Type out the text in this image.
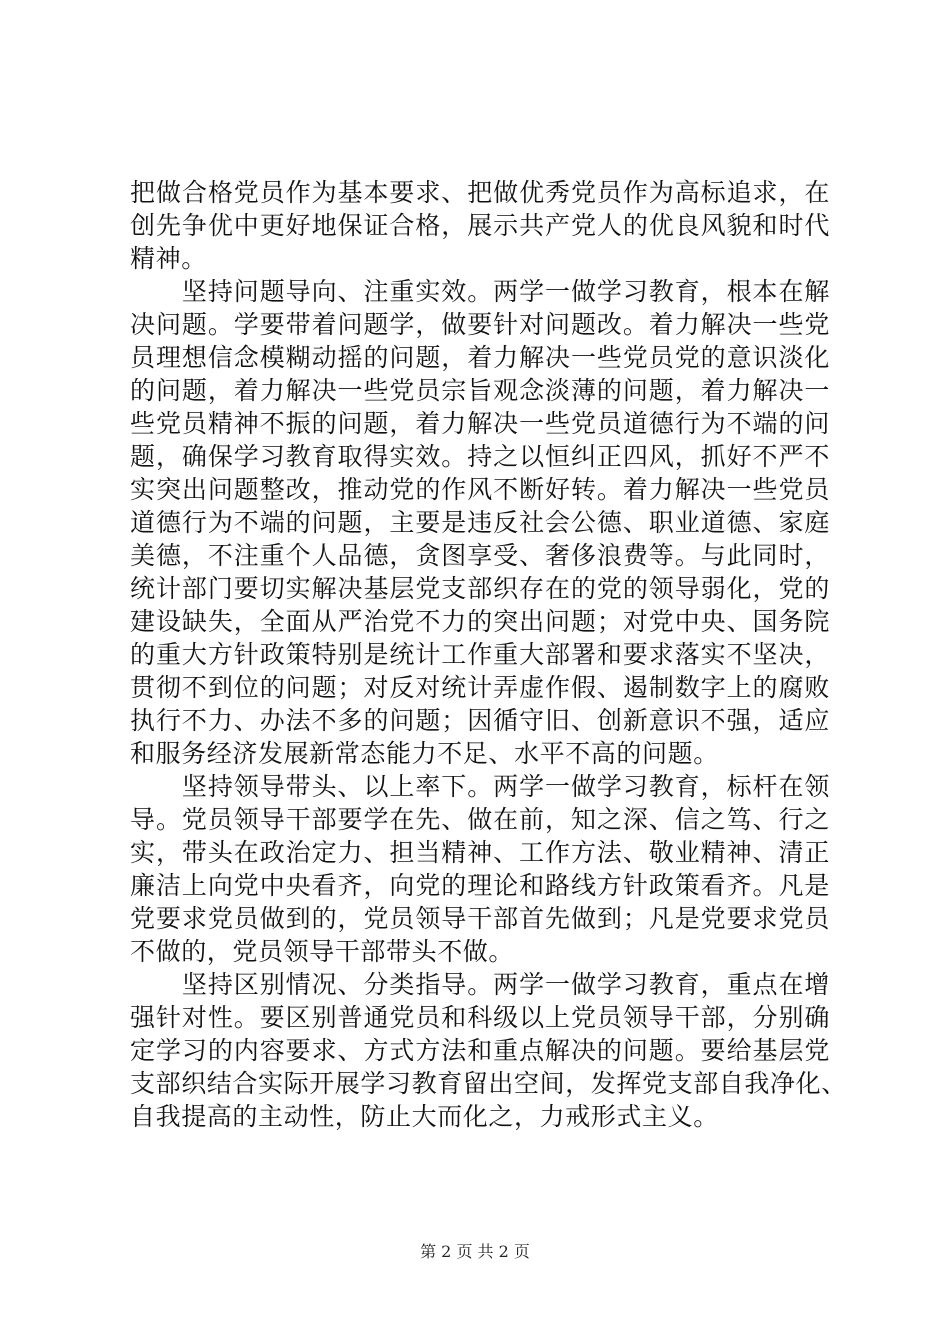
把做合格党员作为基本要求、把做优秀党员作为高标追求，在
创先争优中更好地保证合格，展示共产党人的优良风貌和时代
精神。
　　坚持问题导向、注重实效。两学一做学习教育，根本在解
决问题。学要带着问题学，做要针对问题改。着力解决一些党
员理想信念模糊动摇的问题，着力解决一些党员党的意识淡化
的问题，着力解决一些党员宗旨观念淡薄的问题，着力解决一
些党员精神不振的问题，着力解决一些党员道德行为不端的问
题，确保学习教育取得实效。持之以恒纠正四风，抓好不严不
实突出问题整改，推动党的作风不断好转。着力解决一些党员
道德行为不端的问题，主要是违反社会公德、职业道德、家庭
美德，不注重个人品德，贪图享受、奢侈浪费等。与此同时，
统计部门要切实解决基层党支部织存在的党的领导弱化，党的
建设缺失，全面从严治党不力的突出问题；对党中央、国务院
的重大方针政策特别是统计工作重大部署和要求落实不坚决，
贯彻不到位的问题；对反对统计弄虚作假、遏制数字上的腐败
执行不力、办法不多的问题；因循守旧、创新意识不强，适应
和服务经济发展新常态能力不足、水平不高的问题。
　　坚持领导带头、以上率下。两学一做学习教育，标杆在领
导。党员领导干部要学在先、做在前，知之深、信之笃、行之
实，带头在政治定力、担当精神、工作方法、敬业精神、清正
廉洁上向党中央看齐，向党的理论和路线方针政策看齐。凡是
党要求党员做到的，党员领导干部首先做到；凡是党要求党员
不做的，党员领导干部带头不做。
　　坚持区别情况、分类指导。两学一做学习教育，重点在增
强针对性。要区别普通党员和科级以上党员领导干部，分别确
定学习的内容要求、方式方法和重点解决的问题。要给基层党
支部织结合实际开展学习教育留出空间，发挥党支部自我净化、
自我提高的主动性，防止大而化之，力戒形式主义。
第 2 页 共 2 页
